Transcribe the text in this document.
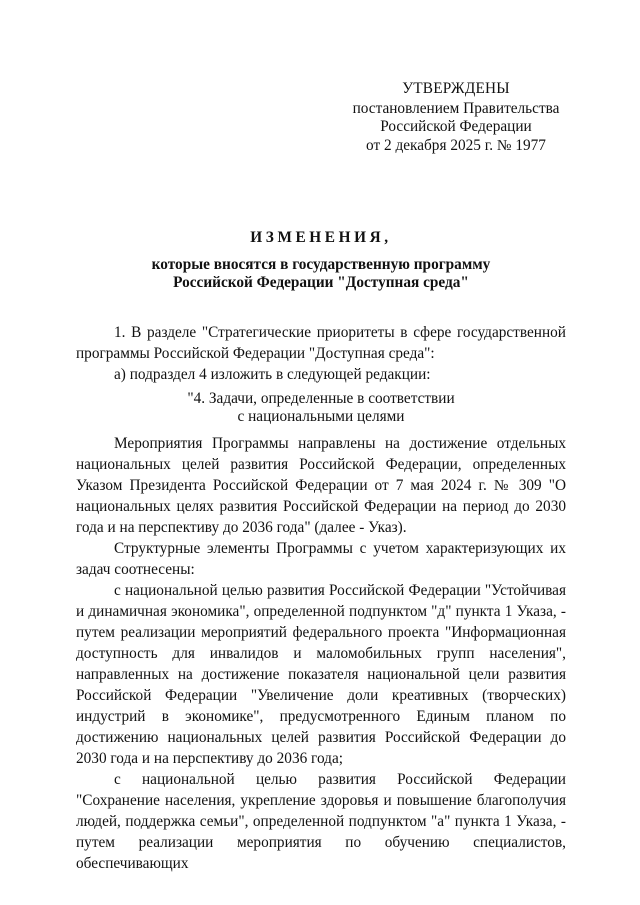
УТВЕРЖДЕНЫ
постановлением Правительства
Российской Федерации
от 2 декабря 2025 г. № 1977
ИЗМЕНЕНИЯ,
которые вносятся в государственную программу
Российской Федерации "Доступная среда"

1. В разделе "Стратегические приоритеты в сфере государственной программы Российской Федерации "Доступная среда":

а) подраздел 4 изложить в следующей редакции:

"4. Задачи, определенные в соответствии

с национальными целями

Мероприятия Программы направлены на достижение отдельных национальных целей развития Российской Федерации, определенных Указом Президента Российской Федерации от 7 мая 2024 г. № 309 "О национальных целях развития Российской Федерации на период до 2030 года и на перспективу до 2036 года" (далее - Указ).

Структурные элементы Программы с учетом характеризующих их задач соотнесены:

с национальной целью развития Российской Федерации "Устойчивая и динамичная экономика", определенной подпунктом "д" пункта 1 Указа, - путем реализации мероприятий федерального проекта "Информационная доступность для инвалидов и маломобильных групп населения", направленных на достижение показателя национальной цели развития Российской Федерации "Увеличение доли креативных (творческих) индустрий в экономике", предусмотренного Единым планом по достижению национальных целей развития Российской Федерации до 2030 года и на перспективу до 2036 года;

с национальной целью развития Российской Федерации "Сохранение населения, укрепление здоровья и повышение благополучия людей, поддержка семьи", определенной подпунктом "а" пункта 1 Указа, - путем реализации мероприятия по обучению специалистов, обеспечивающих
